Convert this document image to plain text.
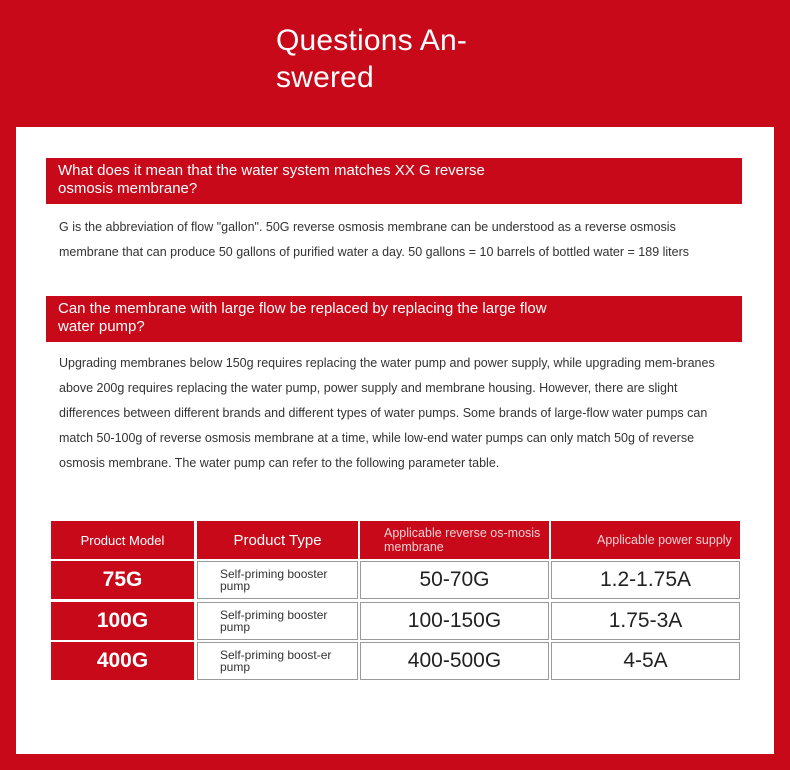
Questions An-swered
What does it mean that the water system matches XX G reverse osmosis membrane?
G is the abbreviation of flow "gallon". 50G reverse osmosis membrane can be understood as a reverse osmosis membrane that can produce 50 gallons of purified water a day. 50 gallons = 10 barrels of bottled water = 189 liters
Can the membrane with large flow be replaced by replacing the large flow water pump?
Upgrading membranes below 150g requires replacing the water pump and power supply, while upgrading mem-branes above 200g requires replacing the water pump, power supply and membrane housing. However, there are slight differences between different brands and different types of water pumps. Some brands of large-flow water pumps can match 50-100g of reverse osmosis membrane at a time, while low-end water pumps can only match 50g of reverse osmosis membrane. The water pump can refer to the following parameter table.
Product Model	Product Type	Applicable reverse os-mosis membrane	Applicable power supply
75G	Self-priming booster pump	50-70G	1.2-1.75A
100G	Self-priming booster pump	100-150G	1.75-3A
400G	Self-priming boost-er pump	400-500G	4-5A
